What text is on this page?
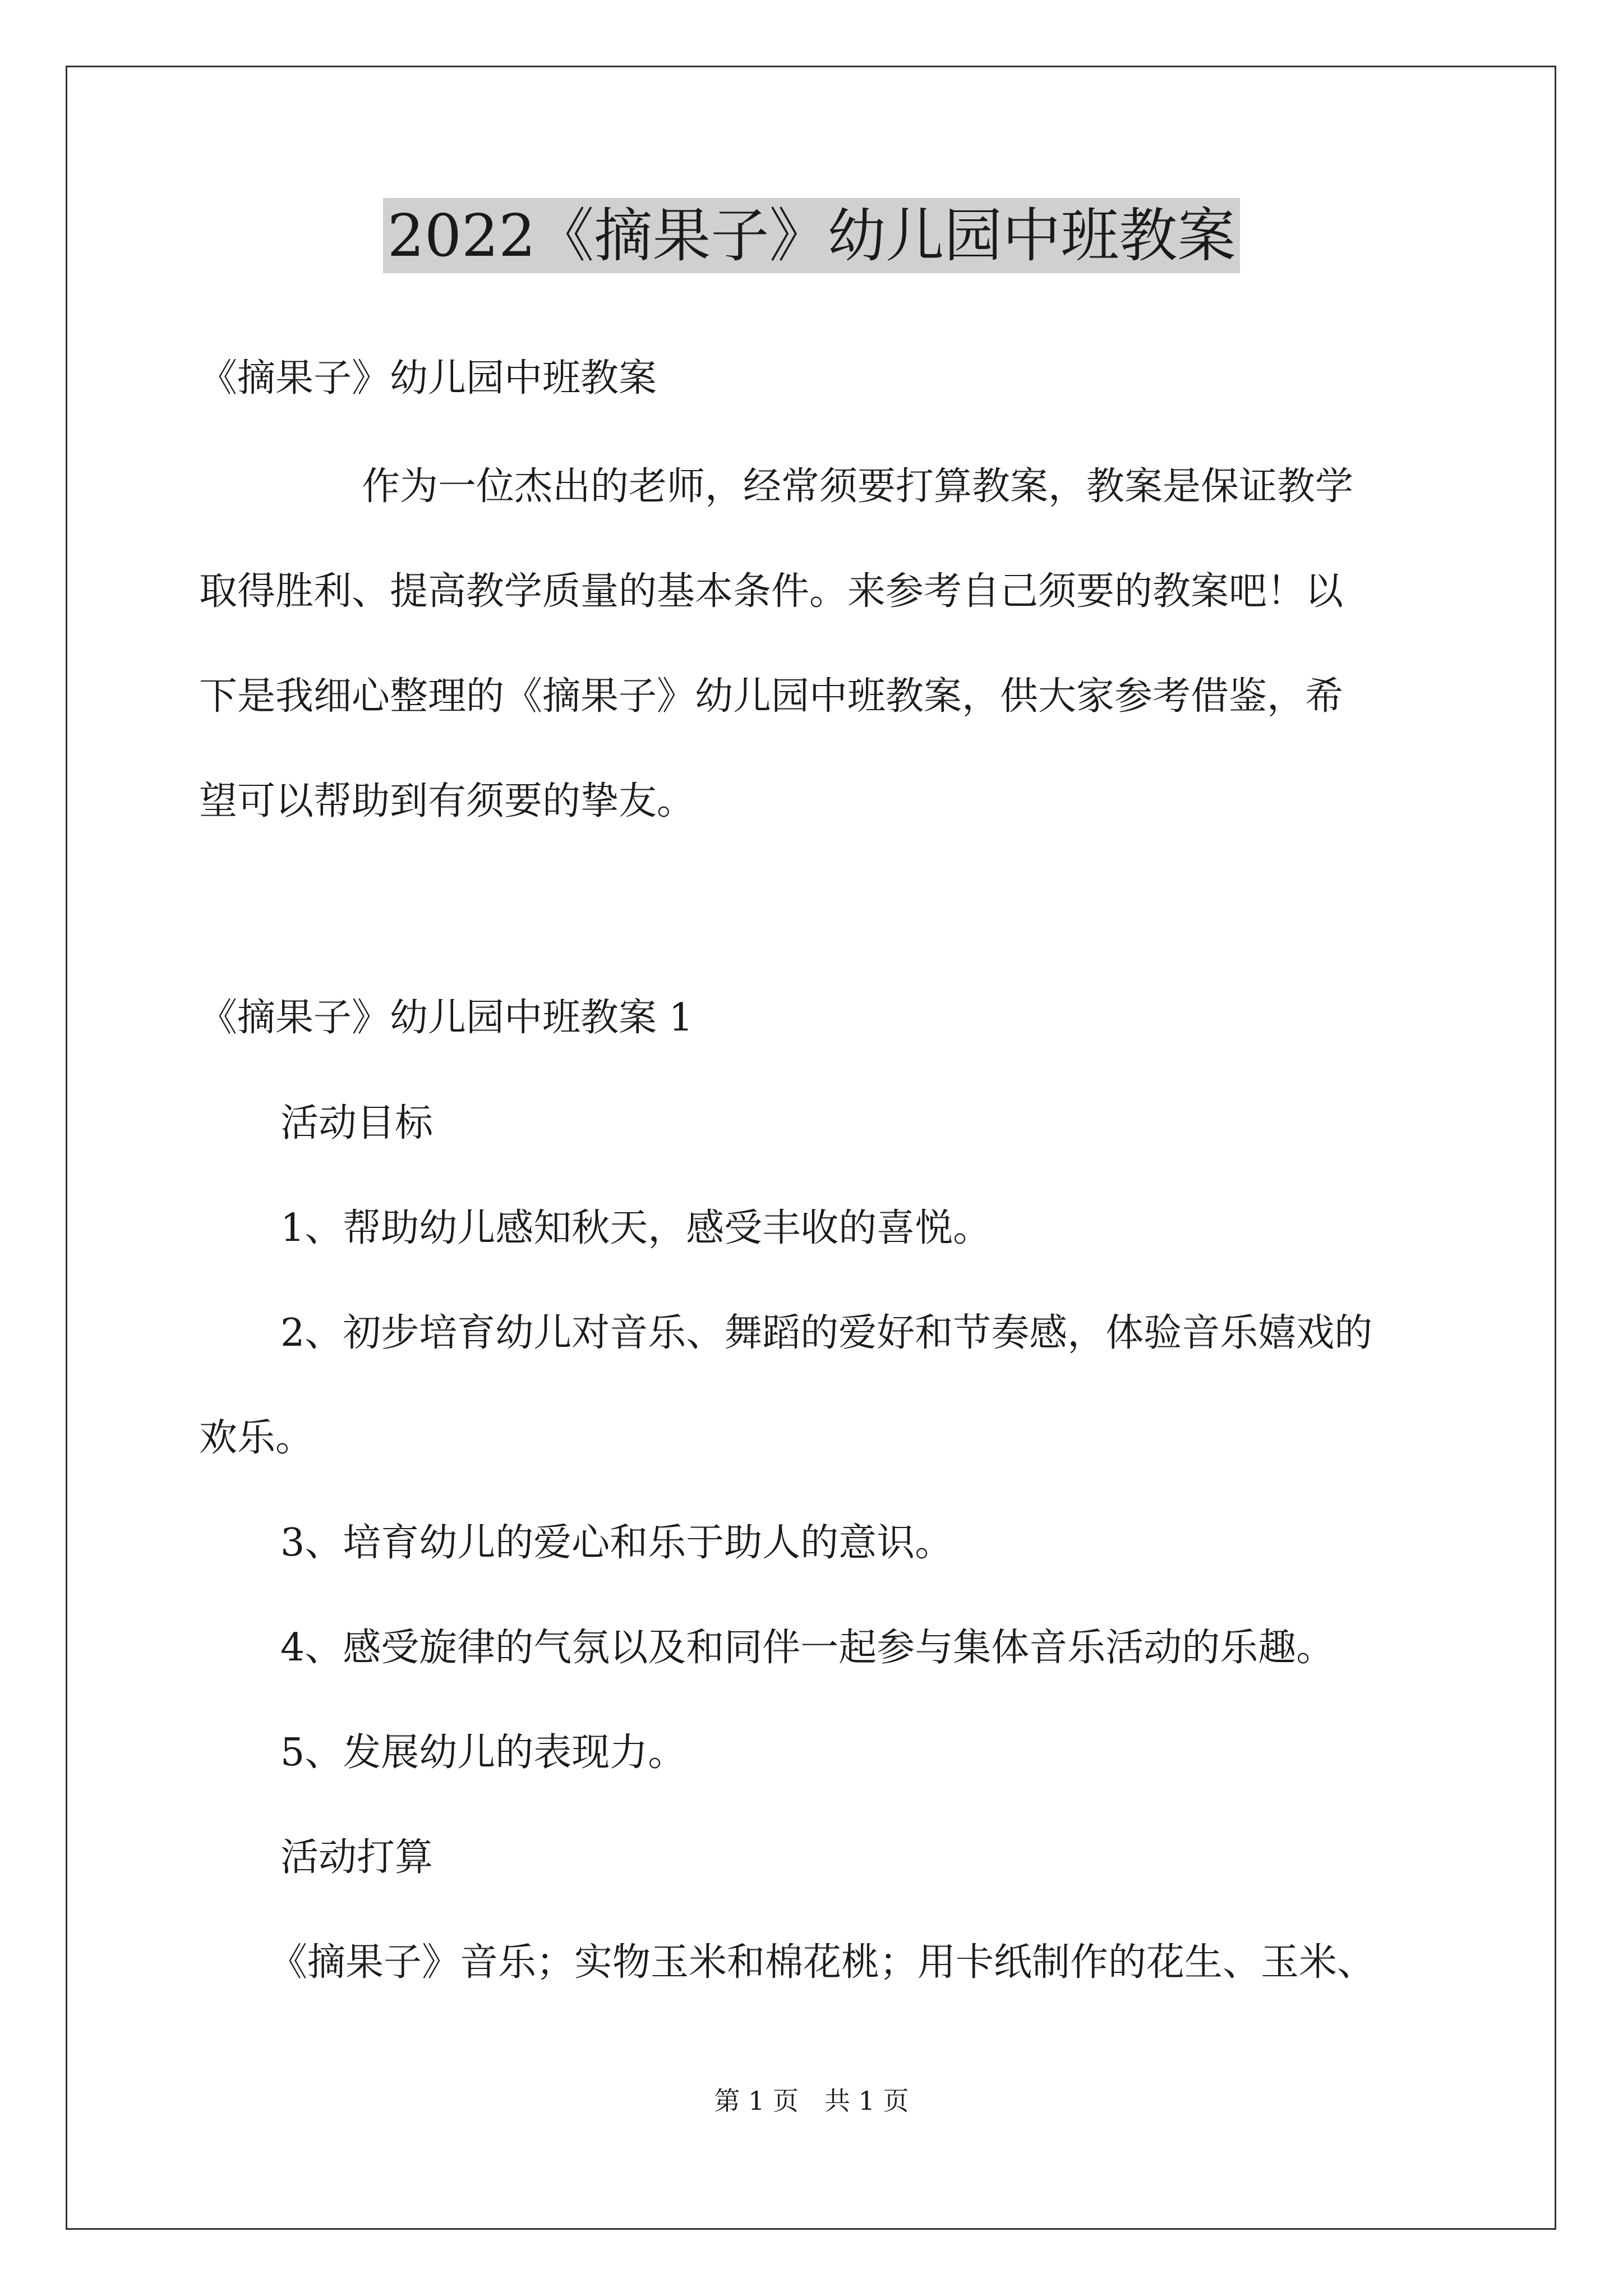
2022《摘果子》幼儿园中班教案

《摘果子》幼儿园中班教案

作为一位杰出的老师，经常须要打算教案，教案是保证教学

取得胜利、提高教学质量的基本条件。来参考自己须要的教案吧！以

下是我细心整理的《摘果子》幼儿园中班教案，供大家参考借鉴，希

望可以帮助到有须要的挚友。

《摘果子》幼儿园中班教案 1

活动目标

1、帮助幼儿感知秋天，感受丰收的喜悦。

2、初步培育幼儿对音乐、舞蹈的爱好和节奏感，体验音乐嬉戏的

欢乐。

3、培育幼儿的爱心和乐于助人的意识。

4、感受旋律的气氛以及和同伴一起参与集体音乐活动的乐趣。

5、发展幼儿的表现力。

活动打算

《摘果子》音乐；实物玉米和棉花桃；用卡纸制作的花生、玉米、

第 1 页　共 1 页
